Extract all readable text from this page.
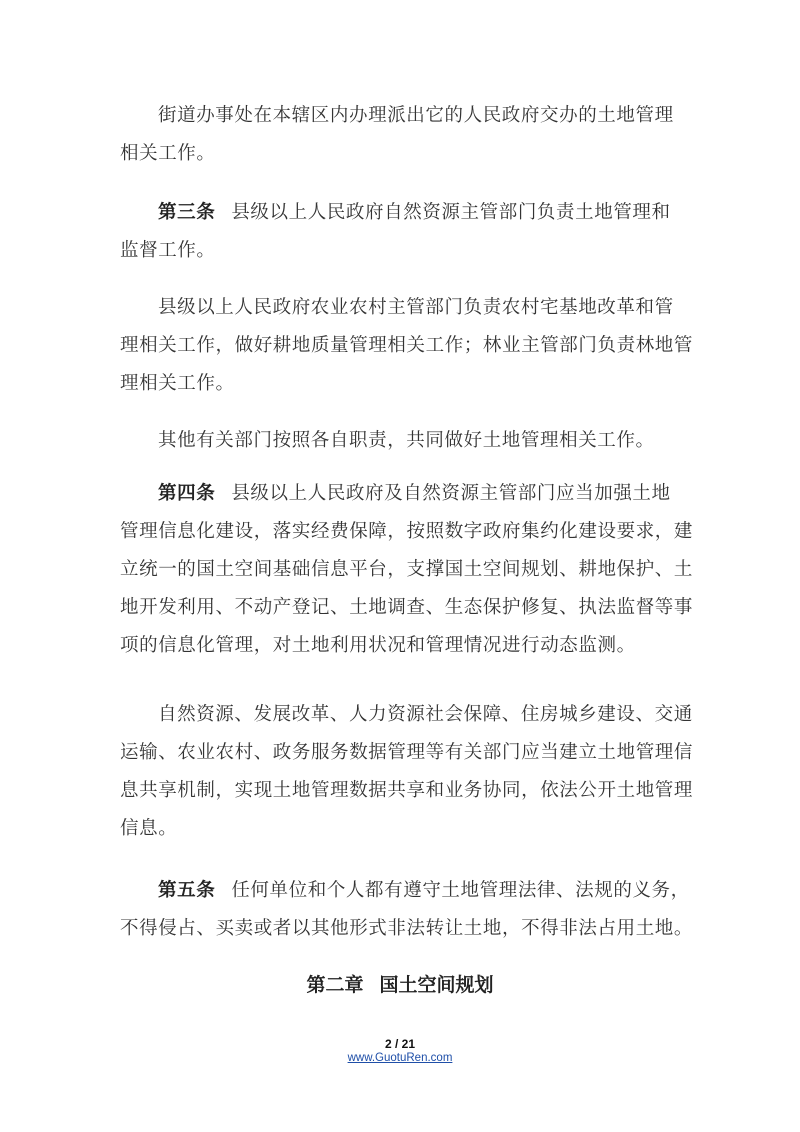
街道办事处在本辖区内办理派出它的人民政府交办的土地管理
相关工作。
第三条 县级以上人民政府自然资源主管部门负责土地管理和
监督工作。
县级以上人民政府农业农村主管部门负责农村宅基地改革和管
理相关工作，做好耕地质量管理相关工作；林业主管部门负责林地管
理相关工作。
其他有关部门按照各自职责，共同做好土地管理相关工作。
第四条 县级以上人民政府及自然资源主管部门应当加强土地
管理信息化建设，落实经费保障，按照数字政府集约化建设要求，建
立统一的国土空间基础信息平台，支撑国土空间规划、耕地保护、土
地开发利用、不动产登记、土地调查、生态保护修复、执法监督等事
项的信息化管理，对土地利用状况和管理情况进行动态监测。
自然资源、发展改革、人力资源社会保障、住房城乡建设、交通
运输、农业农村、政务服务数据管理等有关部门应当建立土地管理信
息共享机制，实现土地管理数据共享和业务协同，依法公开土地管理
信息。
第五条 任何单位和个人都有遵守土地管理法律、法规的义务，
不得侵占、买卖或者以其他形式非法转让土地，不得非法占用土地。
第二章 国土空间规划
2 / 21
www.GuotuRen.com
